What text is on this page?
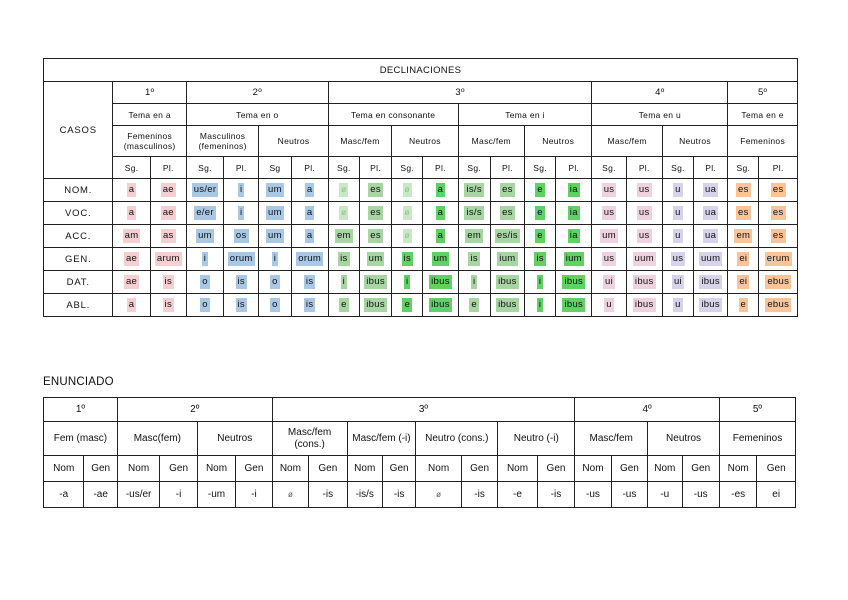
DECLINACIONES																				
CASOS	1º		2º				3º								4º				5º	
	Tema en a		Tema en o				Tema en consonante				Tema en i				Tema en u				Tema en e	
	Femeninos (masculinos)		Masculinos (femeninos)		Neutros		Masc/fem		Neutros		Masc/fem		Neutros		Masc/fem		Neutros		Femeninos	
	Sg.	Pl.	Sg.	Pl.	Sg	Pl.	Sg.	Pl.	Sg.	Pl.	Sg.	Pl.	Sg.	Pl.	Sg.	Pl.	Sg.	Pl.	Sg.	Pl.
NOM.	a	ae	us/er	i	um	a	ø	es	ø	a	is/s	es	e	ia	us	us	u	ua	es	es
VOC.	a	ae	e/er	i	um	a	ø	es	ø	a	is/s	es	e	ia	us	us	u	ua	es	es
ACC.	am	as	um	os	um	a	em	es	ø	a	em	es/is	e	ia	um	us	u	ua	em	es
GEN.	ae	arum	i	orum	i	orum	is	um	is	um	is	ium	is	ium	us	uum	us	uum	ei	erum
DAT.	ae	is	o	is	o	is	i	ibus	i	ibus	i	ibus	i	ibus	ui	ibus	ui	ibus	ei	ebus
ABL.	a	is	o	is	o	is	e	ibus	e	ibus	e	ibus	i	ibus	u	ibus	u	ibus	e	ebus
ENUNCIADO
1º		2º				3º								4º				5º	
Fem (masc)		Masc(fem)		Neutros		Masc/fem (cons.)		Masc/fem (-i)		Neutro (cons.)		Neutro (-i)		Masc/fem		Neutros		Femeninos	
Nom	Gen	Nom	Gen	Nom	Gen	Nom	Gen	Nom	Gen	Nom	Gen	Nom	Gen	Nom	Gen	Nom	Gen	Nom	Gen
-a	-ae	-us/er	-i	-um	-i	ø	-is	-is/s	-is	ø	-is	-e	-is	-us	-us	-u	-us	-es	ei
